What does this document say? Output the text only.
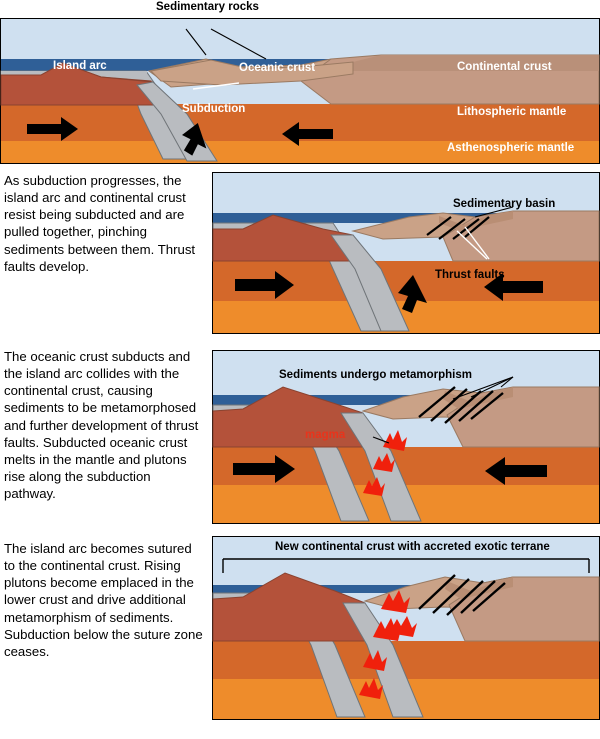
Sedimentary rocks
Island arc	Oceanic crust	Continental crust
Subduction	Lithospheric mantle
Asthenospheric mantle
As subduction progresses, the island arc and continental crust resist being subducted and are pulled together, pinching sediments between them. Thrust faults develop.
Sedimentary basin
Thrust faults
The oceanic crust subducts and the island arc collides with the continental crust, causing sediments to be metamorphosed and further development of thrust faults. Subducted oceanic crust melts in the mantle and plutons rise along the subduction pathway.
Sediments undergo metamorphism
magma
The island arc becomes sutured to the continental crust. Rising plutons become emplaced in the lower crust and drive additional metamorphism of sediments. Subduction below the suture zone ceases.
New continental crust with accreted exotic terrane
